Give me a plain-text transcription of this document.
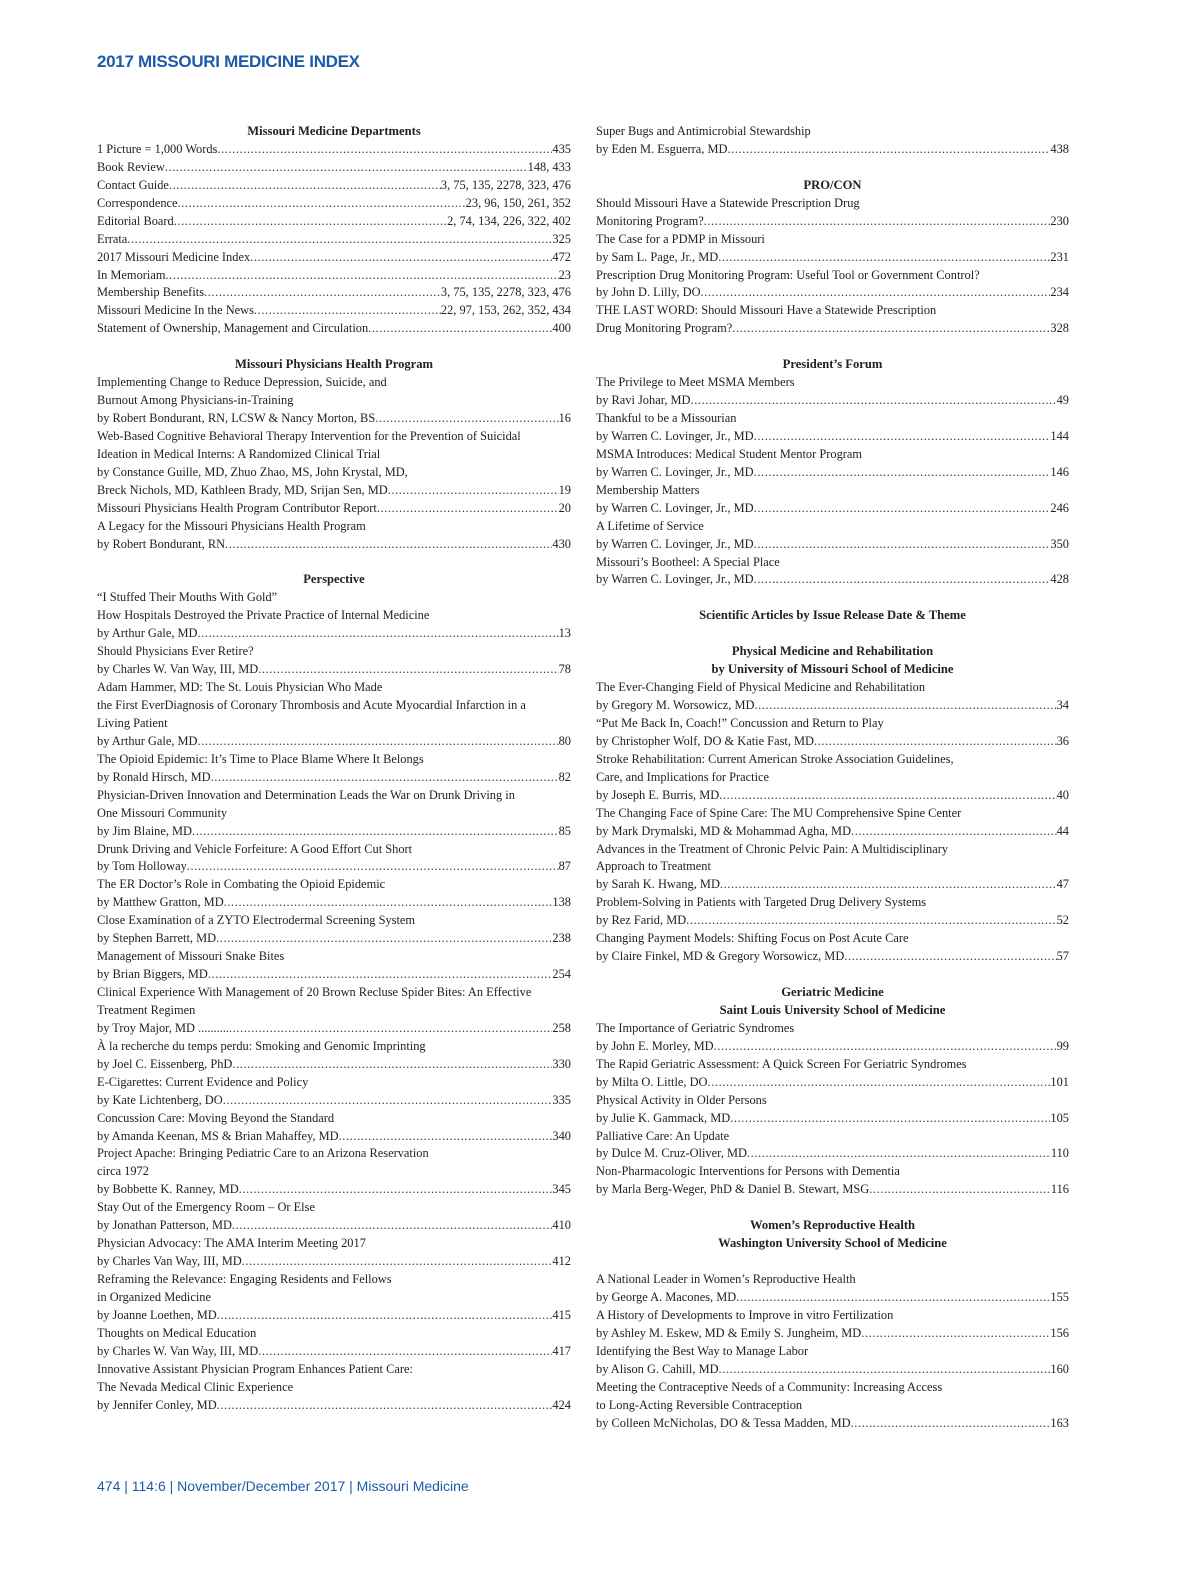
2017 MISSOURI MEDICINE INDEX
Missouri Medicine Departments
1 Picture = 1,000 Words .....	435
Book Review .....	148, 433
Contact Guide .....	3, 75, 135, 2278, 323, 476
Correspondence .....	23, 96, 150, 261, 352
Editorial Board .....	2, 74, 134, 226, 322, 402
Errata .....	325
2017 Missouri Medicine Index .....	472
In Memoriam .....	23
Membership Benefits .....	3, 75, 135, 2278, 323, 476
Missouri Medicine In the News .....	22, 97, 153, 262, 352, 434
Statement of Ownership, Management and Circulation .....	400
Missouri Physicians Health Program
Implementing Change to Reduce Depression, Suicide, and
Burnout Among Physicians-in-Training
by Robert Bondurant, RN, LCSW & Nancy Morton, BS .....	16
Web-Based Cognitive Behavioral Therapy Intervention for the Prevention of Suicidal
Ideation in Medical Interns: A Randomized Clinical Trial
by Constance Guille, MD, Zhuo Zhao, MS, John Krystal, MD,
Breck Nichols, MD, Kathleen Brady, MD, Srijan Sen, MD .....	19
Missouri Physicians Health Program Contributor Report .....	20
A Legacy for the Missouri Physicians Health Program
by Robert Bondurant, RN .....	430
Perspective
“I Stuffed Their Mouths With Gold”
How Hospitals Destroyed the Private Practice of Internal Medicine
by Arthur Gale, MD .....	13
Should Physicians Ever Retire?
by Charles W. Van Way, III, MD .....	78
Adam Hammer, MD: The St. Louis Physician Who Made
the First EverDiagnosis of Coronary Thrombosis and Acute Myocardial Infarction in a
Living Patient
by Arthur Gale, MD .....	80
The Opioid Epidemic: It’s Time to Place Blame Where It Belongs
by Ronald Hirsch, MD .....	82
Physician-Driven Innovation and Determination Leads the War on Drunk Driving in
One Missouri Community
by Jim Blaine, MD .....	85
Drunk Driving and Vehicle Forfeiture: A Good Effort Cut Short
by Tom Holloway .....	87
The ER Doctor’s Role in Combating the Opioid Epidemic
by Matthew Gratton, MD .....	138
Close Examination of a ZYTO Electrodermal Screening System
by Stephen Barrett, MD .....	238
Management of Missouri Snake Bites
by Brian Biggers, MD .....	254
Clinical Experience With Management of 20 Brown Recluse Spider Bites: An Effective
Treatment Regimen
by Troy Major, MD .......... .....	258
À la recherche du temps perdu: Smoking and Genomic Imprinting
by Joel C. Eissenberg, PhD .....	330
E-Cigarettes: Current Evidence and Policy
by Kate Lichtenberg, DO .....	335
Concussion Care: Moving Beyond the Standard
by Amanda Keenan, MS & Brian Mahaffey, MD .....	340
Project Apache: Bringing Pediatric Care to an Arizona Reservation
circa 1972
by Bobbette K. Ranney, MD .....	345
Stay Out of the Emergency Room – Or Else
by Jonathan Patterson, MD .....	410
Physician Advocacy: The AMA Interim Meeting 2017
by Charles Van Way, III, MD .....	412
Reframing the Relevance: Engaging Residents and Fellows
in Organized Medicine
by Joanne Loethen, MD .....	415
Thoughts on Medical Education
by Charles W. Van Way, III, MD .....	417
Innovative Assistant Physician Program Enhances Patient Care:
The Nevada Medical Clinic Experience
by Jennifer Conley, MD .....	424
Super Bugs and Antimicrobial Stewardship
by Eden M. Esguerra, MD .....	438
PRO/CON
Should Missouri Have a Statewide Prescription Drug
Monitoring Program? .....	230
The Case for a PDMP in Missouri
by Sam L. Page, Jr., MD .....	231
Prescription Drug Monitoring Program: Useful Tool or Government Control?
by John D. Lilly, DO .....	234
THE LAST WORD: Should Missouri Have a Statewide Prescription
Drug Monitoring Program? .....	328
President’s Forum
The Privilege to Meet MSMA Members
by Ravi Johar, MD .....	49
Thankful to be a Missourian
by Warren C. Lovinger, Jr., MD .....	144
MSMA Introduces: Medical Student Mentor Program
by Warren C. Lovinger, Jr., MD .....	146
Membership Matters
by Warren C. Lovinger, Jr., MD .....	246
A Lifetime of Service
by Warren C. Lovinger, Jr., MD .....	350
Missouri’s Bootheel: A Special Place
by Warren C. Lovinger, Jr., MD .....	428
Scientific Articles by Issue Release Date & Theme
Physical Medicine and Rehabilitation
by University of Missouri School of Medicine
The Ever-Changing Field of Physical Medicine and Rehabilitation
by Gregory M. Worsowicz, MD .....	34
“Put Me Back In, Coach!” Concussion and Return to Play
by Christopher Wolf, DO & Katie Fast, MD .....	36
Stroke Rehabilitation: Current American Stroke Association Guidelines,
Care, and Implications for Practice
by Joseph E. Burris, MD .....	40
The Changing Face of Spine Care: The MU Comprehensive Spine Center
by Mark Drymalski, MD & Mohammad Agha, MD .....	44
Advances in the Treatment of Chronic Pelvic Pain: A Multidisciplinary
Approach to Treatment
by Sarah K. Hwang, MD .....	47
Problem-Solving in Patients with Targeted Drug Delivery Systems
by Rez Farid, MD .....	52
Changing Payment Models: Shifting Focus on Post Acute Care
by Claire Finkel, MD & Gregory Worsowicz, MD .....	57
Geriatric Medicine
Saint Louis University School of Medicine
The Importance of Geriatric Syndromes
by John E. Morley, MD .....	99
The Rapid Geriatric Assessment: A Quick Screen For Geriatric Syndromes
by Milta O. Little, DO .....	101
Physical Activity in Older Persons
by Julie K. Gammack, MD .....	105
Palliative Care: An Update
by Dulce M. Cruz-Oliver, MD .....	110
Non-Pharmacologic Interventions for Persons with Dementia
by Marla Berg-Weger, PhD & Daniel B. Stewart, MSG .....	116
Women’s Reproductive Health
Washington University School of Medicine
A National Leader in Women’s Reproductive Health
by George A. Macones, MD .....	155
A History of Developments to Improve in vitro Fertilization
by Ashley M. Eskew, MD & Emily S. Jungheim, MD .....	156
Identifying the Best Way to Manage Labor
by Alison G. Cahill, MD .....	160
Meeting the Contraceptive Needs of a Community: Increasing Access
to Long-Acting Reversible Contraception
by Colleen McNicholas, DO & Tessa Madden, MD .....	163
474 | 114:6 | November/December 2017 | Missouri Medicine
